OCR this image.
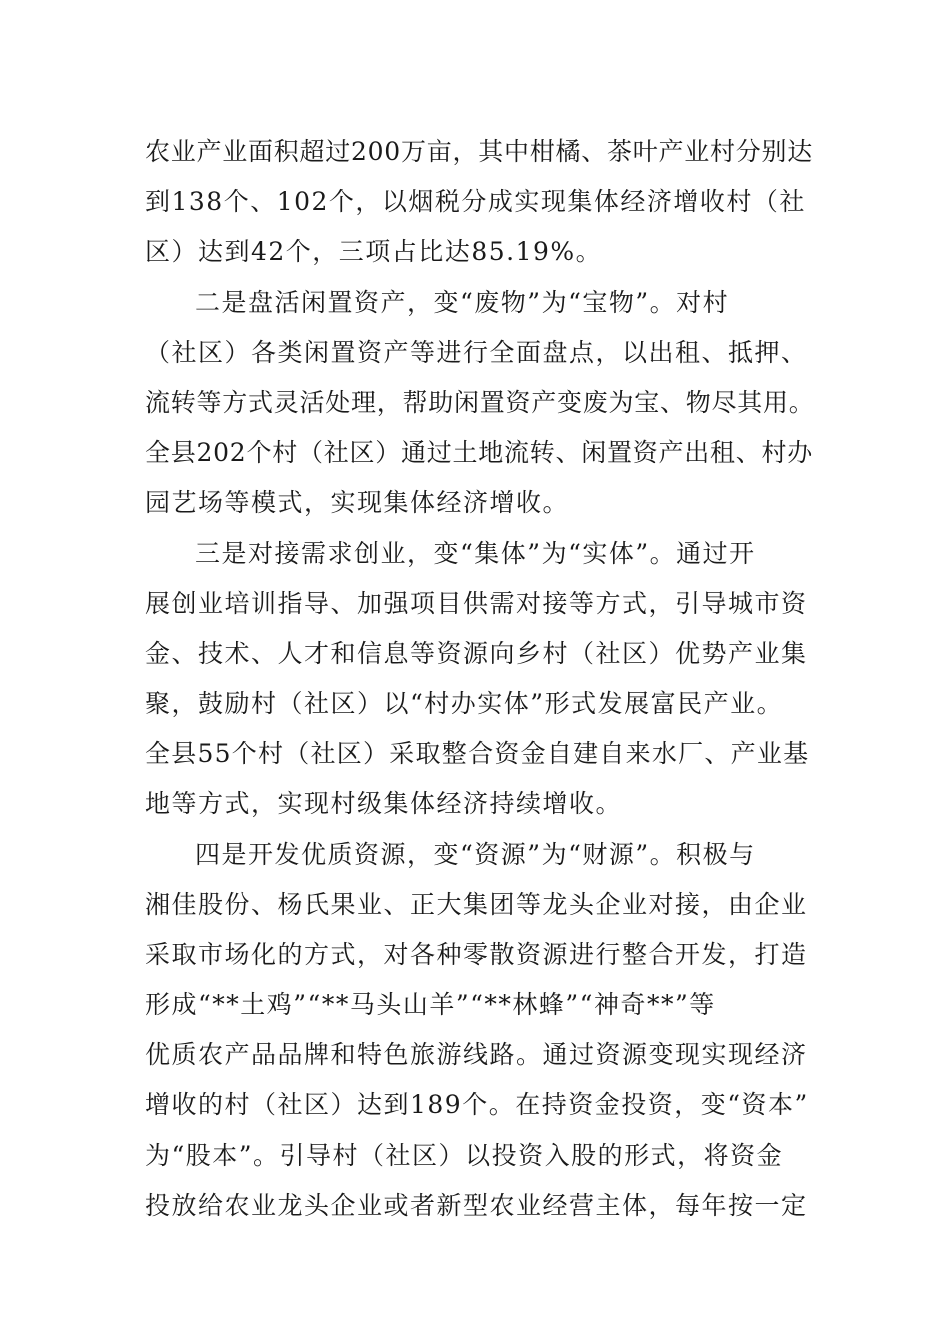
农业产业面积超过200万亩，其中柑橘、茶叶产业村分别达
到138个、102个，以烟税分成实现集体经济增收村（社
区）达到42个，三项占比达85.19%。
二是盘活闲置资产，变“废物”为“宝物”。对村
（社区）各类闲置资产等进行全面盘点，以出租、抵押、
流转等方式灵活处理，帮助闲置资产变废为宝、物尽其用。
全县202个村（社区）通过土地流转、闲置资产出租、村办
园艺场等模式，实现集体经济增收。
三是对接需求创业，变“集体”为“实体”。通过开
展创业培训指导、加强项目供需对接等方式，引导城市资
金、技术、人才和信息等资源向乡村（社区）优势产业集
聚，鼓励村（社区）以“村办实体”形式发展富民产业。
全县55个村（社区）采取整合资金自建自来水厂、产业基
地等方式，实现村级集体经济持续增收。
四是开发优质资源，变“资源”为“财源”。积极与
湘佳股份、杨氏果业、正大集团等龙头企业对接，由企业
采取市场化的方式，对各种零散资源进行整合开发，打造
形成“**土鸡”“**马头山羊”“**林蜂”“神奇**”等
优质农产品品牌和特色旅游线路。通过资源变现实现经济
增收的村（社区）达到189个。在持资金投资，变“资本”
为“股本”。引导村（社区）以投资入股的形式，将资金
投放给农业龙头企业或者新型农业经营主体，每年按一定
